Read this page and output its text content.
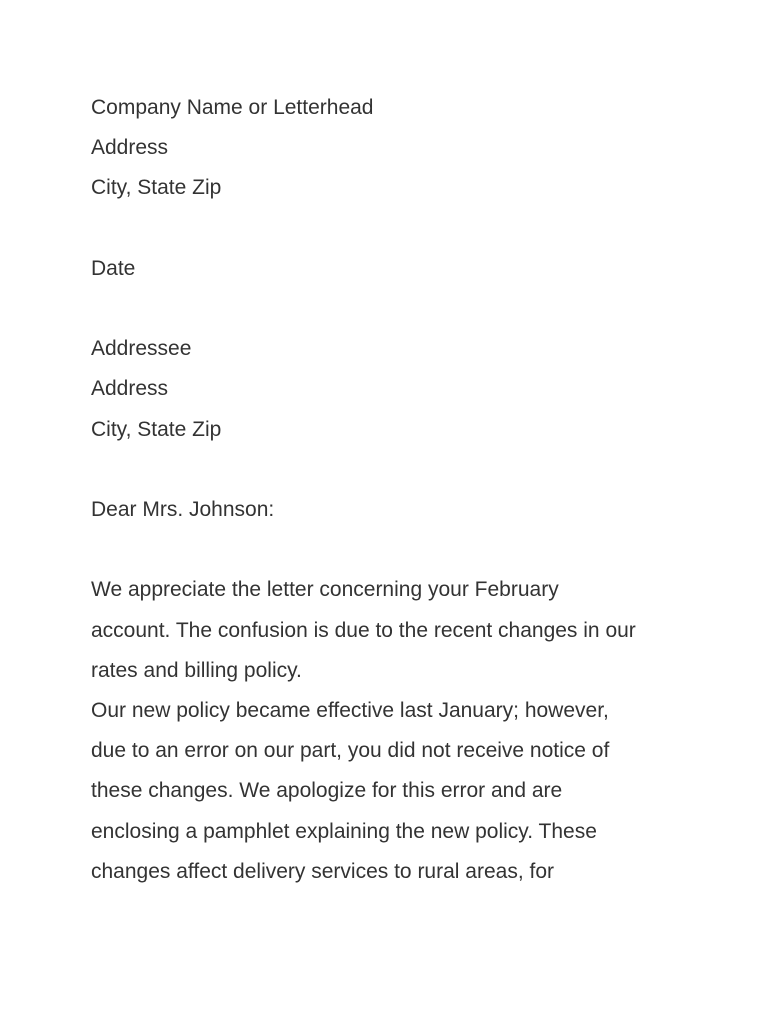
Company Name or Letterhead
Address
City, State Zip
Date
Addressee
Address
City, State Zip
Dear Mrs. Johnson:
We appreciate the letter concerning your February
account. The confusion is due to the recent changes in our
rates and billing policy.
Our new policy became effective last January; however,
due to an error on our part, you did not receive notice of
these changes. We apologize for this error and are
enclosing a pamphlet explaining the new policy. These
changes affect delivery services to rural areas, for
